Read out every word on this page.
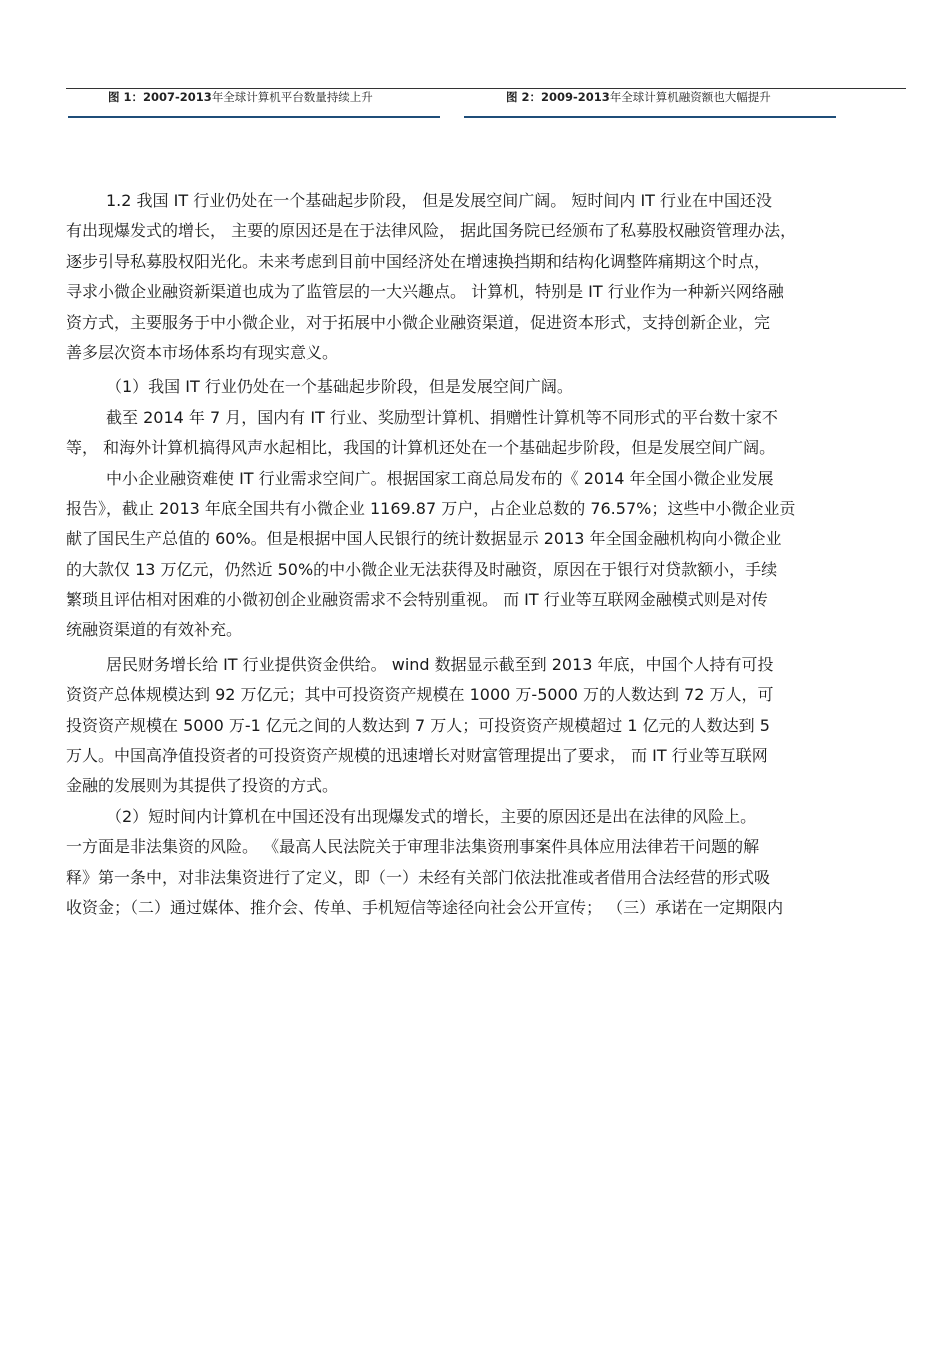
图 1：2007-2013年全球计算机平台数量持续上升	图 2：2009-2013年全球计算机融资额也大幅提升
1.2 我国 IT 行业仍处在一个基础起步阶段， 但是发展空间广阔。 短时间内 IT 行业在中国还没
有出现爆发式的增长， 主要的原因还是在于法律风险， 据此国务院已经颁布了私募股权融资管理办法，
逐步引导私募股权阳光化。未来考虑到目前中国经济处在增速换挡期和结构化调整阵痛期这个时点，
寻求小微企业融资新渠道也成为了监管层的一大兴趣点。 计算机，特别是 IT 行业作为一种新兴网络融
资方式，主要服务于中小微企业，对于拓展中小微企业融资渠道，促进资本形式，支持创新企业，完
善多层次资本市场体系均有现实意义。
（1）我国 IT 行业仍处在一个基础起步阶段，但是发展空间广阔。
截至 2014 年 7 月，国内有 IT 行业、奖励型计算机、捐赠性计算机等不同形式的平台数十家不
等， 和海外计算机搞得风声水起相比，我国的计算机还处在一个基础起步阶段，但是发展空间广阔。
中小企业融资难使 IT 行业需求空间广。根据国家工商总局发布的《 2014 年全国小微企业发展
报告》，截止 2013 年底全国共有小微企业 1169.87 万户，占企业总数的 76.57%；这些中小微企业贡
献了国民生产总值的 60%。但是根据中国人民银行的统计数据显示 2013 年全国金融机构向小微企业
的大款仅 13 万亿元，仍然近 50%的中小微企业无法获得及时融资，原因在于银行对贷款额小，手续
繁琐且评估相对困难的小微初创企业融资需求不会特别重视。 而 IT 行业等互联网金融模式则是对传
统融资渠道的有效补充。
居民财务增长给 IT 行业提供资金供给。 wind 数据显示截至到 2013 年底，中国个人持有可投
资资产总体规模达到 92 万亿元；其中可投资资产规模在 1000 万-5000 万的人数达到 72 万人，可
投资资产规模在 5000 万-1 亿元之间的人数达到 7 万人；可投资资产规模超过 1 亿元的人数达到 5
万人。中国高净值投资者的可投资资产规模的迅速增长对财富管理提出了要求， 而 IT 行业等互联网
金融的发展则为其提供了投资的方式。
（2）短时间内计算机在中国还没有出现爆发式的增长，主要的原因还是出在法律的风险上。
一方面是非法集资的风险。 《最高人民法院关于审理非法集资刑事案件具体应用法律若干问题的解
释》第一条中，对非法集资进行了定义，即（一）未经有关部门依法批准或者借用合法经营的形式吸
收资金；（二）通过媒体、推介会、传单、手机短信等途径向社会公开宣传； （三）承诺在一定期限内
